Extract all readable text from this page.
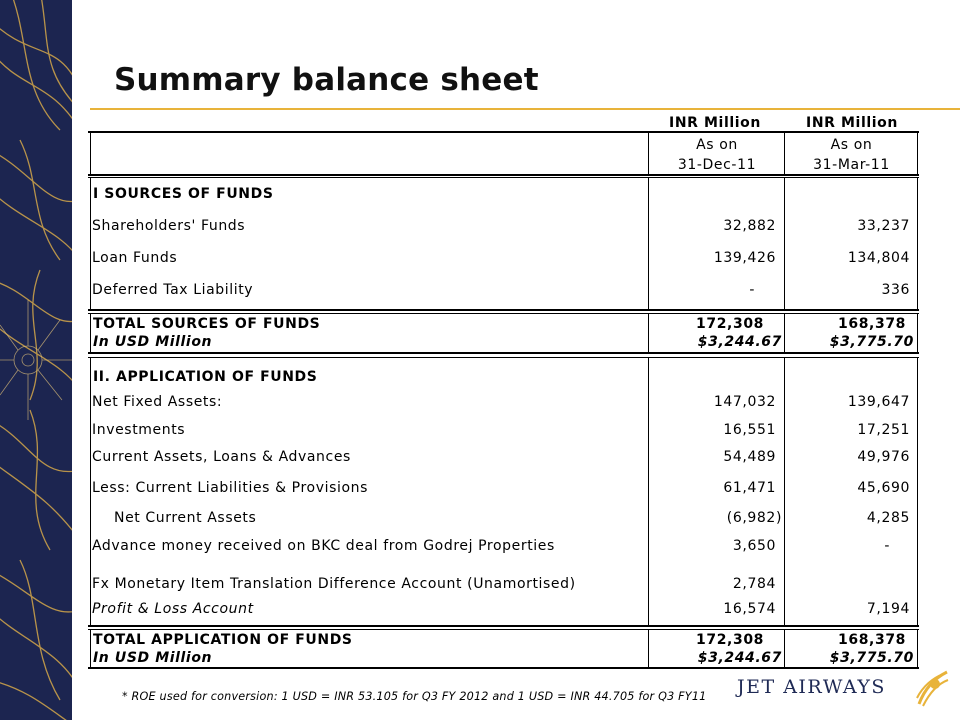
Summary balance sheet
INR Million	INR Million
As on	As on
31-Dec-11	31-Mar-11
I SOURCES OF FUNDS
Shareholders' Funds	32,882	33,237
Loan Funds	139,426	134,804
Deferred Tax Liability	-	336
TOTAL SOURCES OF FUNDS	172,308	168,378
In USD Million	$3,244.67	$3,775.70
II. APPLICATION OF FUNDS
Net Fixed Assets:	147,032	139,647
Investments	16,551	17,251
Current Assets, Loans & Advances	54,489	49,976
Less: Current Liabilities & Provisions	61,471	45,690
Net Current Assets	(6,982)	4,285
Advance money received on BKC deal from Godrej Properties	3,650	-
Fx Monetary Item Translation Difference Account (Unamortised)	2,784
Profit & Loss Account	16,574	7,194
TOTAL APPLICATION OF FUNDS	172,308	168,378
In USD Million	$3,244.67	$3,775.70
* ROE used for conversion: 1 USD = INR 53.105 for Q3 FY 2012 and 1 USD = INR 44.705 for Q3 FY11 JET AIRWAYS
